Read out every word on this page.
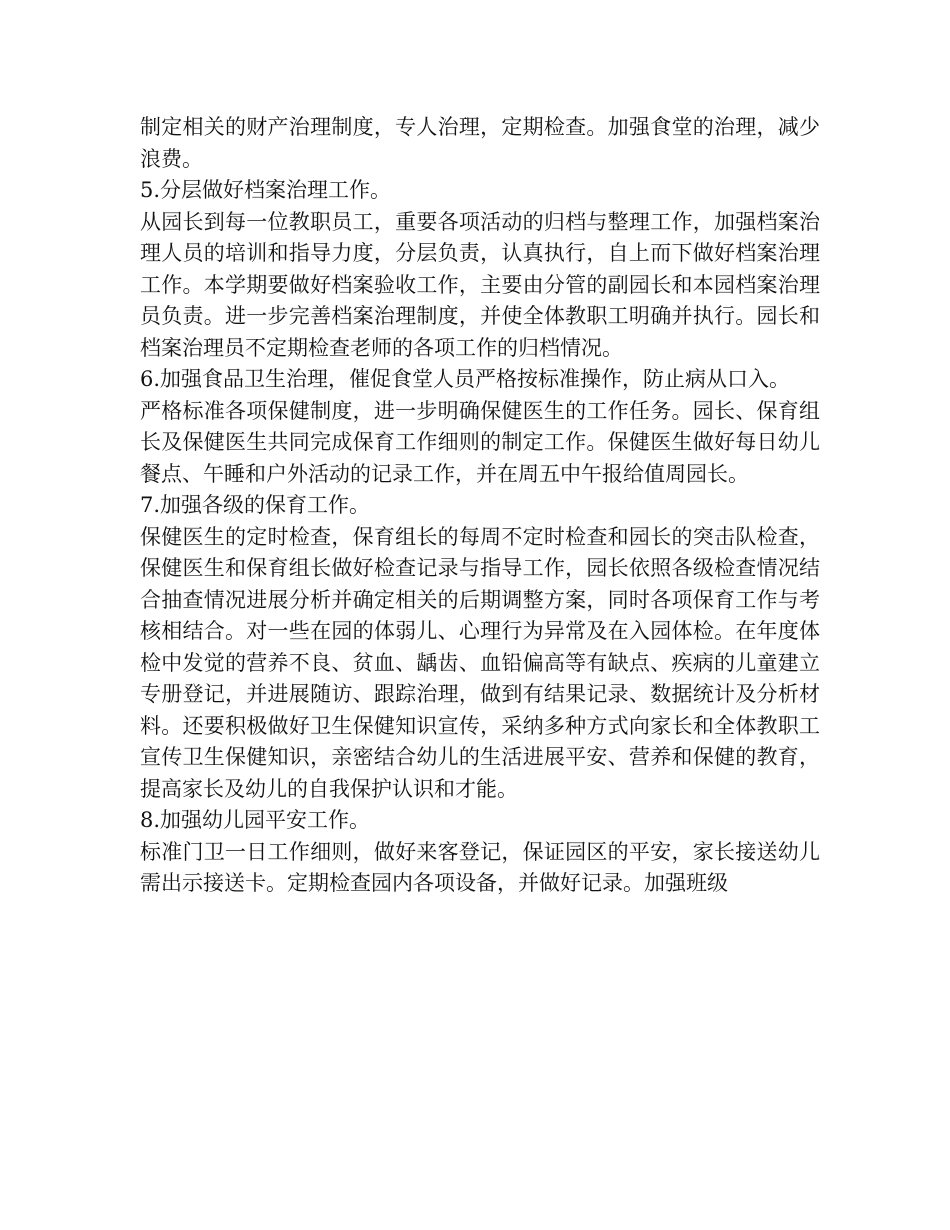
制定相关的财产治理制度，专人治理，定期检查。加强食堂的治理，减少浪费。

5.分层做好档案治理工作。

从园长到每一位教职员工，重要各项活动的归档与整理工作，加强档案治理人员的培训和指导力度，分层负责，认真执行，自上而下做好档案治理工作。本学期要做好档案验收工作，主要由分管的副园长和本园档案治理员负责。进一步完善档案治理制度，并使全体教职工明确并执行。园长和档案治理员不定期检查老师的各项工作的归档情况。

6.加强食品卫生治理，催促食堂人员严格按标准操作，防止病从口入。

严格标准各项保健制度，进一步明确保健医生的工作任务。园长、保育组长及保健医生共同完成保育工作细则的制定工作。保健医生做好每日幼儿餐点、午睡和户外活动的记录工作，并在周五中午报给值周园长。

7.加强各级的保育工作。

保健医生的定时检查，保育组长的每周不定时检查和园长的突击队检查，保健医生和保育组长做好检查记录与指导工作，园长依照各级检查情况结合抽查情况进展分析并确定相关的后期调整方案，同时各项保育工作与考核相结合。对一些在园的体弱儿、心理行为异常及在入园体检。在年度体检中发觉的营养不良、贫血、龋齿、血铅偏高等有缺点、疾病的儿童建立专册登记，并进展随访、跟踪治理，做到有结果记录、数据统计及分析材料。还要积极做好卫生保健知识宣传，采纳多种方式向家长和全体教职工宣传卫生保健知识，亲密结合幼儿的生活进展平安、营养和保健的教育，提高家长及幼儿的自我保护认识和才能。

8.加强幼儿园平安工作。

标准门卫一日工作细则，做好来客登记，保证园区的平安，家长接送幼儿需出示接送卡。定期检查园内各项设备，并做好记录。加强班级
